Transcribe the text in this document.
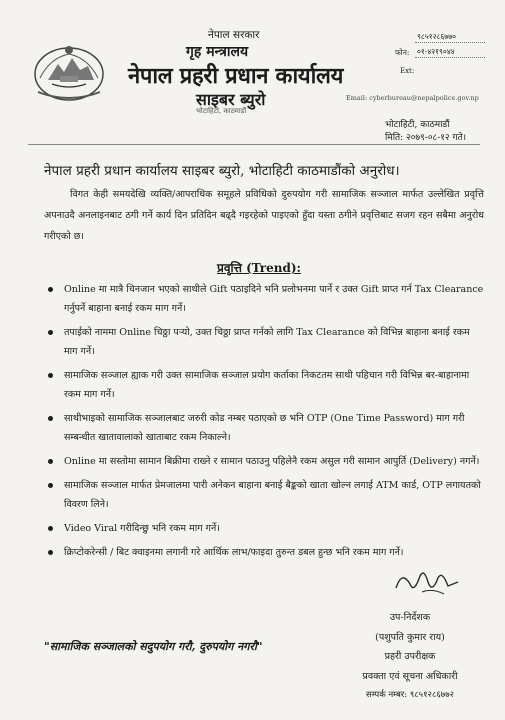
नेपाल सरकार
गृह मन्त्रालय
नेपाल प्रहरी प्रधान कार्यालय
साइबर ब्युरो
भोटाहिटी, काठमाडौं
९८५१२८६७७०
फोन:	०१-४२१९०४४
Ext:
Email: cyberbureau@nepalpolice.gov.np
भोटाहिटी, काठमाडौं
मिति: २०७९-०८-१२ गते।
नेपाल प्रहरी प्रधान कार्यालय साइबर ब्युरो, भोटाहिटी काठमाडौंको अनुरोध।
विगत केही समयदेखि व्यक्ति/आपराधिक समूहले प्रविधिको दुरुपयोग गरी सामाजिक सञ्जाल मार्फत उल्लेखित प्रवृत्ति अपनाउदै अनलाइनबाट ठगी गर्ने कार्य दिन प्रतिदिन बढ्दै गइरहेको पाइएको हुँदा यस्ता ठगीने प्रवृत्तिबाट सजग रहन सबैमा अनुरोध गरीएको छ।
प्रवृत्ति (Trend):
Online मा मात्रै चिनजान भएको साथीले Gift पठाइदिने भनि प्रलोभनमा पार्ने र उक्त Gift प्राप्त गर्न Tax Clearance गर्नुपर्ने बाहाना बनाई रकम माग गर्ने।
तपाईको नाममा Online चिठ्ठा पर्‍यो, उक्त चिठ्ठा प्राप्त गर्नको लागि Tax Clearance को विभिन्न बाहाना बनाई रकम माग गर्ने।
सामाजिक सञ्जाल ह्याक गरी उक्त सामाजिक सञ्जाल प्रयोग कर्ताका निकटतम साथी पहिचान गरी विभिन्न बर-बाहानामा रकम माग गर्ने।
साथीभाइको सामाजिक सञ्जालबाट जरुरी कोड नम्बर पठाएको छ भनि OTP (One Time Password) माग गरी सम्बन्धीत खातावालाको खाताबाट रकम निकाल्ने।
Online मा सस्तोमा सामान बिक्रीमा राख्ने र सामान पठाउनु पहिलेनै रकम असुल गरी सामान आपुर्ति (Delivery) नगर्ने।
सामाजिक सञ्जाल मार्फत प्रेमजालमा पारी अनेकन बाहाना बनाई बैङ्कको खाता खोल्न लगाई ATM कार्ड, OTP लगायतको विवरण लिने।
Video Viral गरीदिन्छु भनि रकम माग गर्ने।
क्रिप्टोकरेन्सी / बिट क्वाइनमा लगानी गरे आर्थिक लाभ/फाइदा तुरुन्त डबल हुन्छ भनि रकम माग गर्ने।
"सामाजिक सञ्जालको सदुपयोग गरौ, दुरुपयोग नगरौ"
उप-निर्देशक
(पशुपति कुमार राय)
प्रहरी उपरीक्षक
प्रवक्ता एवं सूचना अधिकारी
सम्पर्क नम्बर: ९८५१२८६७७२
